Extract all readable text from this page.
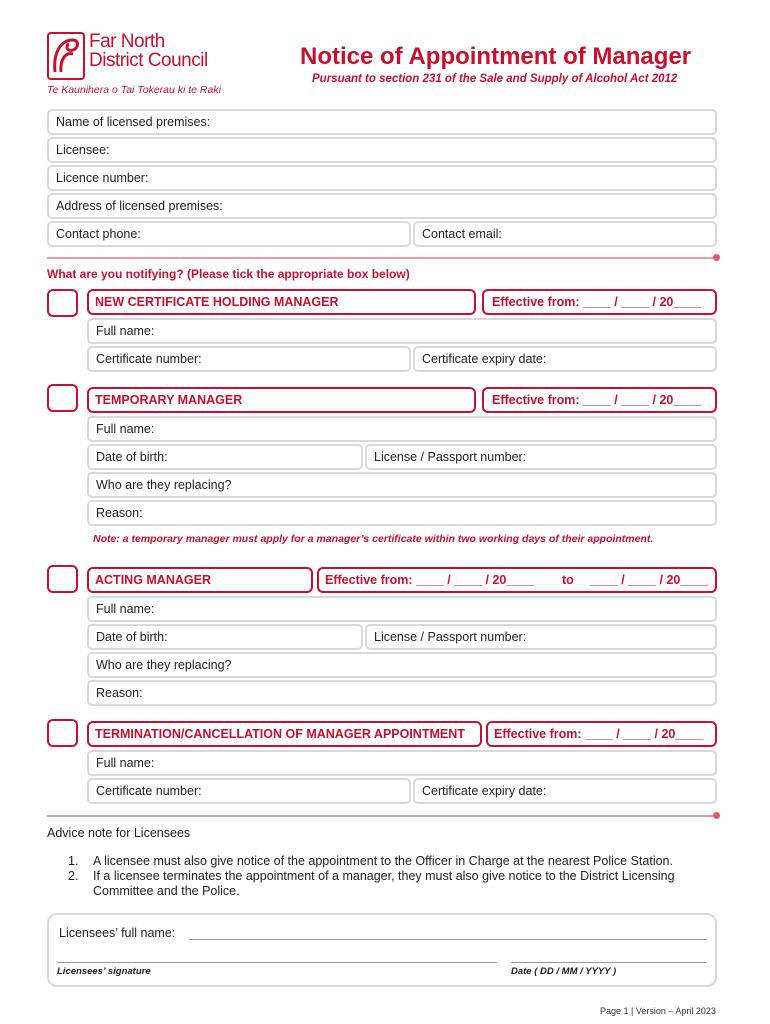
Far North
District Council
Te Kaunihera o Tai Tokerau ki te Raki
Notice of Appointment of Manager
Pursuant to section 231 of the Sale and Supply of Alcohol Act 2012
Name of licensed premises:
Licensee:
Licence number:
Address of licensed premises:
Contact phone:	Contact email:
What are you notifying? (Please tick the appropriate box below)
NEW CERTIFICATE HOLDING MANAGER	Effective from: ____ / ____ / 20____
Full name:
Certificate number:	Certificate expiry date:
TEMPORARY MANAGER	Effective from: ____ / ____ / 20____
Full name:
Date of birth:	License / Passport number:
Who are they replacing?
Reason:
Note: a temporary manager must apply for a manager’s certificate within two working days of their appointment.
ACTING MANAGER	Effective from: ____ / ____ / 20____ to ____ / ____ / 20____
Full name:
Date of birth:	License / Passport number:
Who are they replacing?
Reason:
TERMINATION/CANCELLATION OF MANAGER APPOINTMENT	Effective from: ____ / ____ / 20____
Full name:
Certificate number:	Certificate expiry date:
Advice note for Licensees
1. A licensee must also give notice of the appointment to the Officer in Charge at the nearest Police Station.
2. If a licensee terminates the appointment of a manager, they must also give notice to the District Licensing
Committee and the Police.
Licensees’ full name:
Licensees’ signature	Date ( DD / MM / YYYY )
Page 1 | Version – April 2023
